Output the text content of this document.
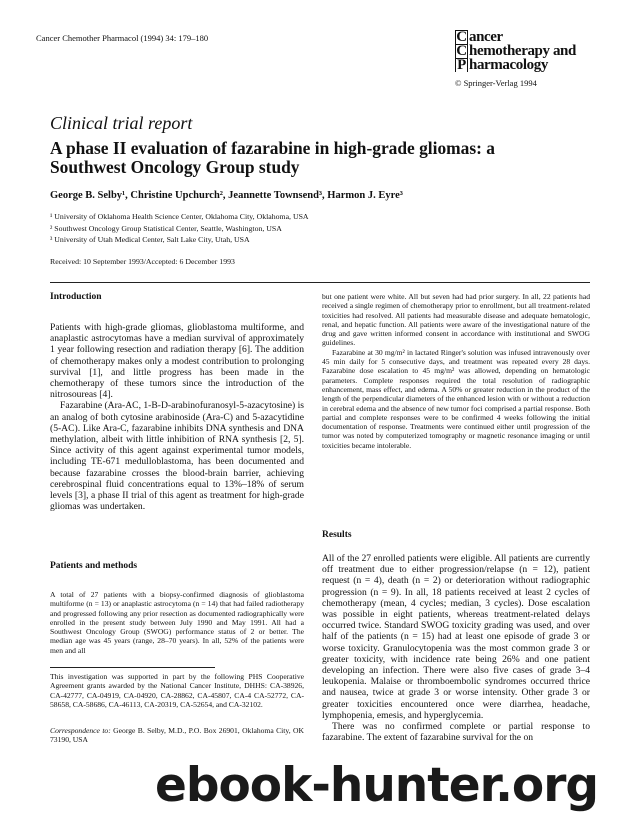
Cancer Chemother Pharmacol (1994) 34: 179–180	C ancer
C hemotherapy and
P harmacology
© Springer-Verlag 1994
Clinical trial report
A phase II evaluation of fazarabine in high-grade gliomas: a Southwest Oncology Group study
George B. Selby¹, Christine Upchurch², Jeannette Townsend³, Harmon J. Eyre³
¹ University of Oklahoma Health Science Center, Oklahoma City, Oklahoma, USA
² Southwest Oncology Group Statistical Center, Seattle, Washington, USA
³ University of Utah Medical Center, Salt Lake City, Utah, USA
Received: 10 September 1993/Accepted: 6 December 1993
Introduction

Patients with high-grade gliomas, glioblastoma multiforme, and anaplastic astrocytomas have a median survival of approximately 1 year following resection and radiation therapy [6]. The addition of chemotherapy makes only a modest contribution to prolonging survival [1], and little progress has been made in the chemotherapy of these tumors since the introduction of the nitrosoureas [4].

Fazarabine (Ara-AC, 1-B-D-arabinofuranosyl-5-azacytosine) is an analog of both cytosine arabinoside (Ara-C) and 5-azacytidine (5-AC). Like Ara-C, fazarabine inhibits DNA synthesis and DNA methylation, albeit with little inhibition of RNA synthesis [2, 5]. Since activity of this agent against experimental tumor models, including TE-671 medulloblastoma, has been documented and because fazarabine crosses the blood-brain barrier, achieving cerebrospinal fluid concentrations equal to 13%–18% of serum levels [3], a phase II trial of this agent as treatment for high-grade gliomas was undertaken.

Patients and methods
A total of 27 patients with a biopsy-confirmed diagnosis of glioblastoma multiforme (n = 13) or anaplastic astrocytoma (n = 14) that had failed radiotherapy and progressed following any prior resection as documented radiographically were enrolled in the present study between July 1990 and May 1991. All had a Southwest Oncology Group (SWOG) performance status of 2 or better. The median age was 45 years (range, 28–70 years). In all, 52% of the patients were men and all
This investigation was supported in part by the following PHS Cooperative Agreement grants awarded by the National Cancer Institute, DHHS: CA-38926, CA-42777, CA-04919, CA-04920, CA-28862, CA-45807, CA-4 CA-52772, CA-58658, CA-58686, CA-46113, CA-20319, CA-52654, and CA-32102.
Correspondence to: George B. Selby, M.D., P.O. Box 26901, Oklahoma City, OK 73190, USA

but one patient were white. All but seven had had prior surgery. In all, 22 patients had received a single regimen of chemotherapy prior to enrollment, but all treatment-related toxicities had resolved. All patients had measurable disease and adequate hematologic, renal, and hepatic function. All patients were aware of the investigational nature of the drug and gave written informed consent in accordance with institutional and SWOG guidelines.

Fazarabine at 30 mg/m² in lactated Ringer's solution was infused intravenously over 45 min daily for 5 consecutive days, and treatment was repeated every 28 days. Fazarabine dose escalation to 45 mg/m² was allowed, depending on hematologic parameters. Complete responses required the total resolution of radiographic enhancement, mass effect, and edema. A 50% or greater reduction in the product of the length of the perpendicular diameters of the enhanced lesion with or without a reduction in cerebral edema and the absence of new tumor foci comprised a partial response. Both partial and complete responses were to be confirmed 4 weeks following the initial documentation of response. Treatments were continued either until progression of the tumor was noted by computerized tomography or magnetic resonance imaging or until toxicities became intolerable.

Results

All of the 27 enrolled patients were eligible. All patients are currently off treatment due to either progression/relapse (n = 12), patient request (n = 4), death (n = 2) or deterioration without radiographic progression (n = 9). In all, 18 patients received at least 2 cycles of chemotherapy (mean, 4 cycles; median, 3 cycles). Dose escalation was possible in eight patients, whereas treatment-related delays occurred twice. Standard SWOG toxicity grading was used, and over half of the patients (n = 15) had at least one episode of grade 3 or worse toxicity. Granulocytopenia was the most common grade 3 or greater toxicity, with incidence rate being 26% and one patient developing an infection. There were also five cases of grade 3–4 leukopenia. Malaise or thromboembolic syndromes occurred thrice and nausea, twice at grade 3 or worse intensity. Other grade 3 or greater toxicities encountered once were diarrhea, headache, lymphopenia, emesis, and hyperglycemia.

There was no confirmed complete or partial response to fazarabine. The extent of fazarabine survival for the on

ebook-hunter.org
